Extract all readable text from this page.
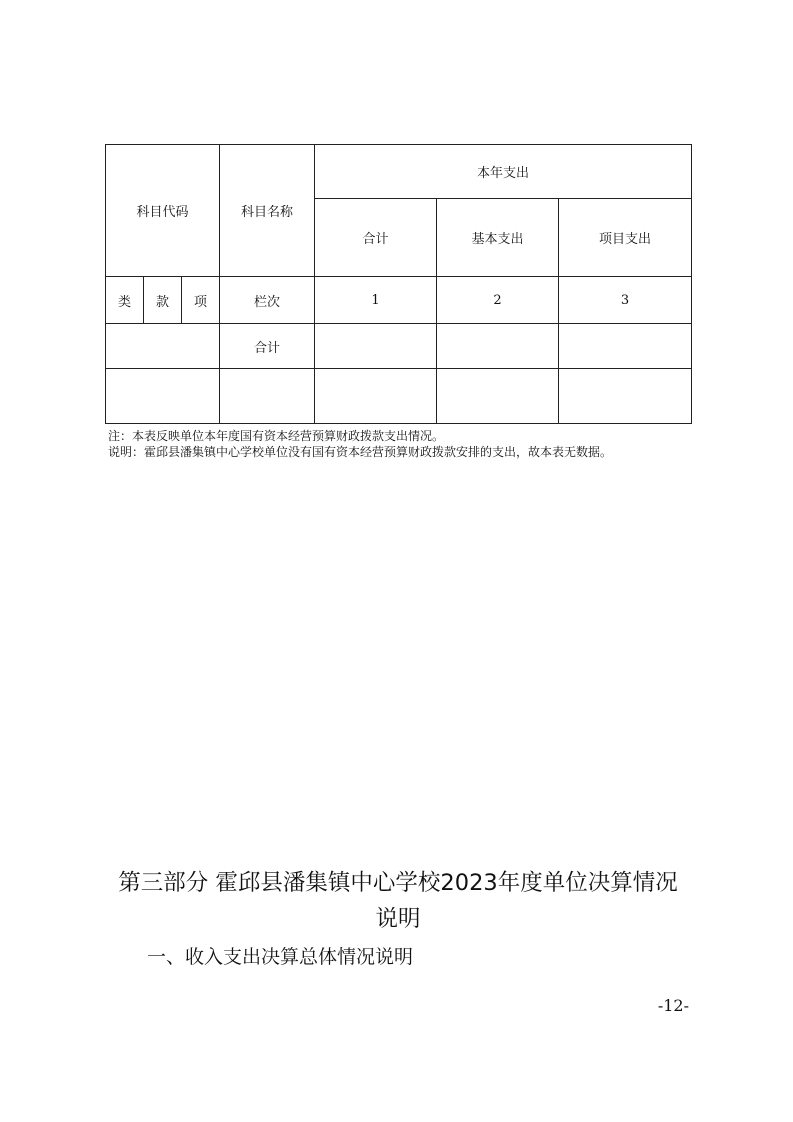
科目代码			科目名称	本年支出		
				合计	基本支出	项目支出
类	款	项	栏次	1	2	3
			合计			

注：本表反映单位本年度国有资本经营预算财政拨款支出情况。

说明：霍邱县潘集镇中心学校单位没有国有资本经营预算财政拨款安排的支出，故本表无数据。

第三部分 霍邱县潘集镇中心学校2023年度单位决算情况
说明
一、收入支出决算总体情况说明
-12-
